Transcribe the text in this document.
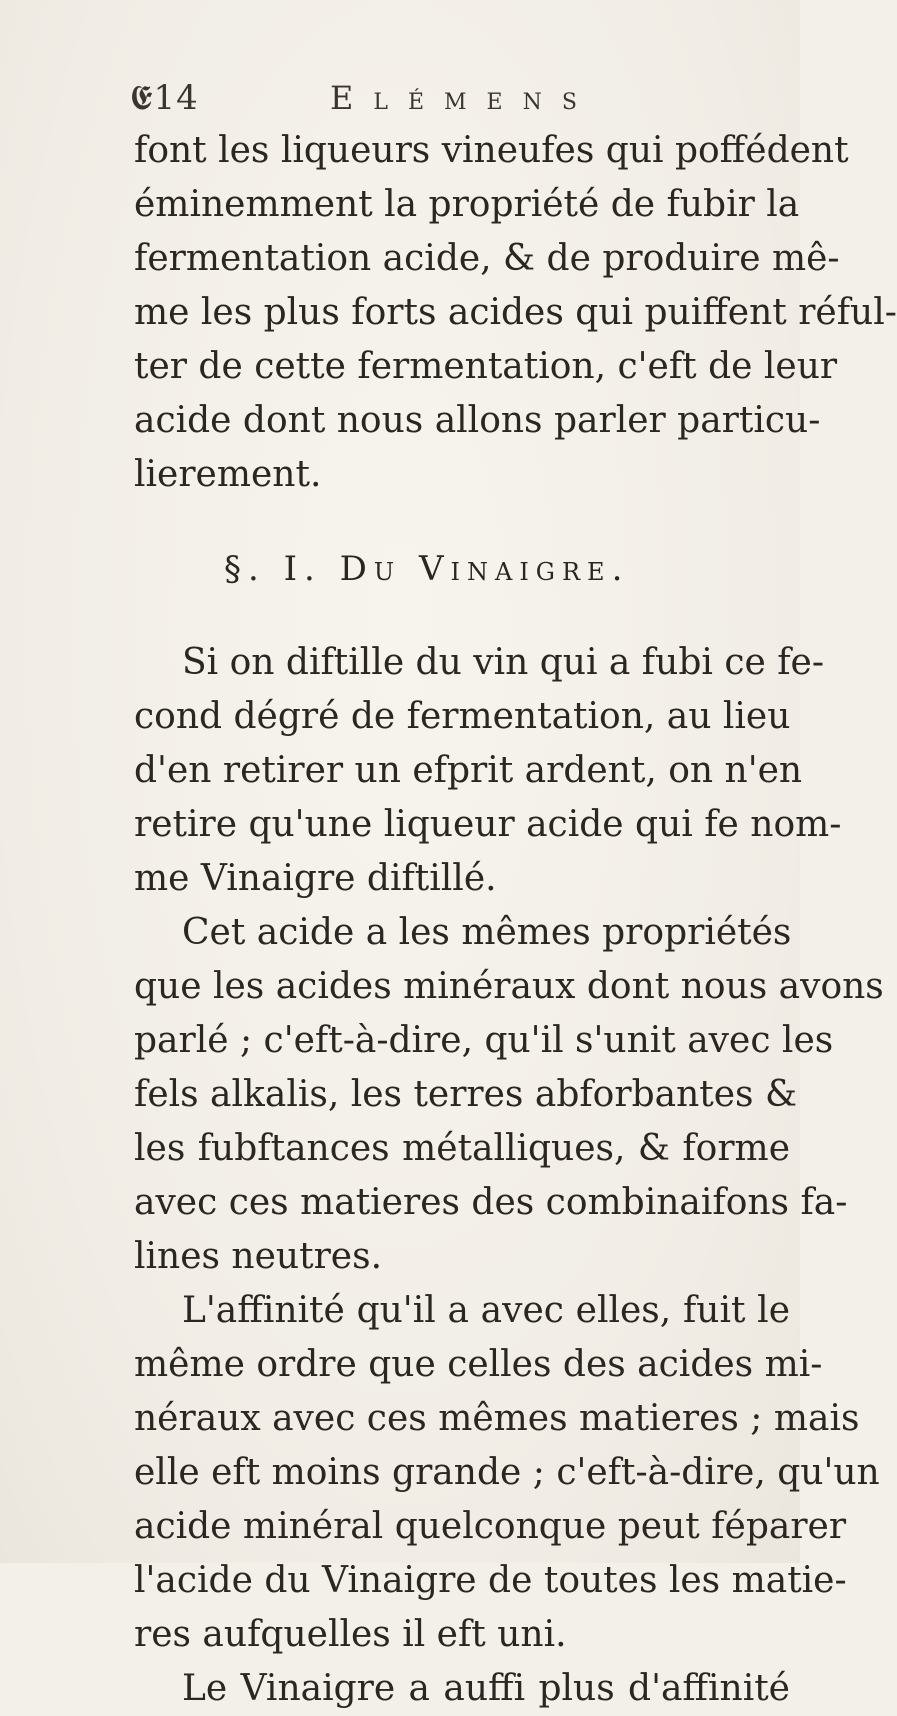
𝕰14	Elémens
font les liqueurs vineufes qui poffédent
éminemment la propriété de fubir la
fermentation acide, & de produire mê-
me les plus forts acides qui puiffent réful-
ter de cette fermentation, c'eft de leur
acide dont nous allons parler particu-
lierement.
§. I. Du Vinaigre.
Si on diftille du vin qui a fubi ce fe-
cond dégré de fermentation, au lieu
d'en retirer un efprit ardent, on n'en
retire qu'une liqueur acide qui fe nom-
me Vinaigre diftillé.
Cet acide a les mêmes propriétés
que les acides minéraux dont nous avons
parlé ; c'eft-à-dire, qu'il s'unit avec les
fels alkalis, les terres abforbantes &
les fubftances métalliques, & forme
avec ces matieres des combinaifons fa-
lines neutres.
L'affinité qu'il a avec elles, fuit le
même ordre que celles des acides mi-
néraux avec ces mêmes matieres ; mais
elle eft moins grande ; c'eft-à-dire, qu'un
acide minéral quelconque peut féparer
l'acide du Vinaigre de toutes les matie-
res aufquelles il eft uni.
Le Vinaigre a auffi plus d'affinité
